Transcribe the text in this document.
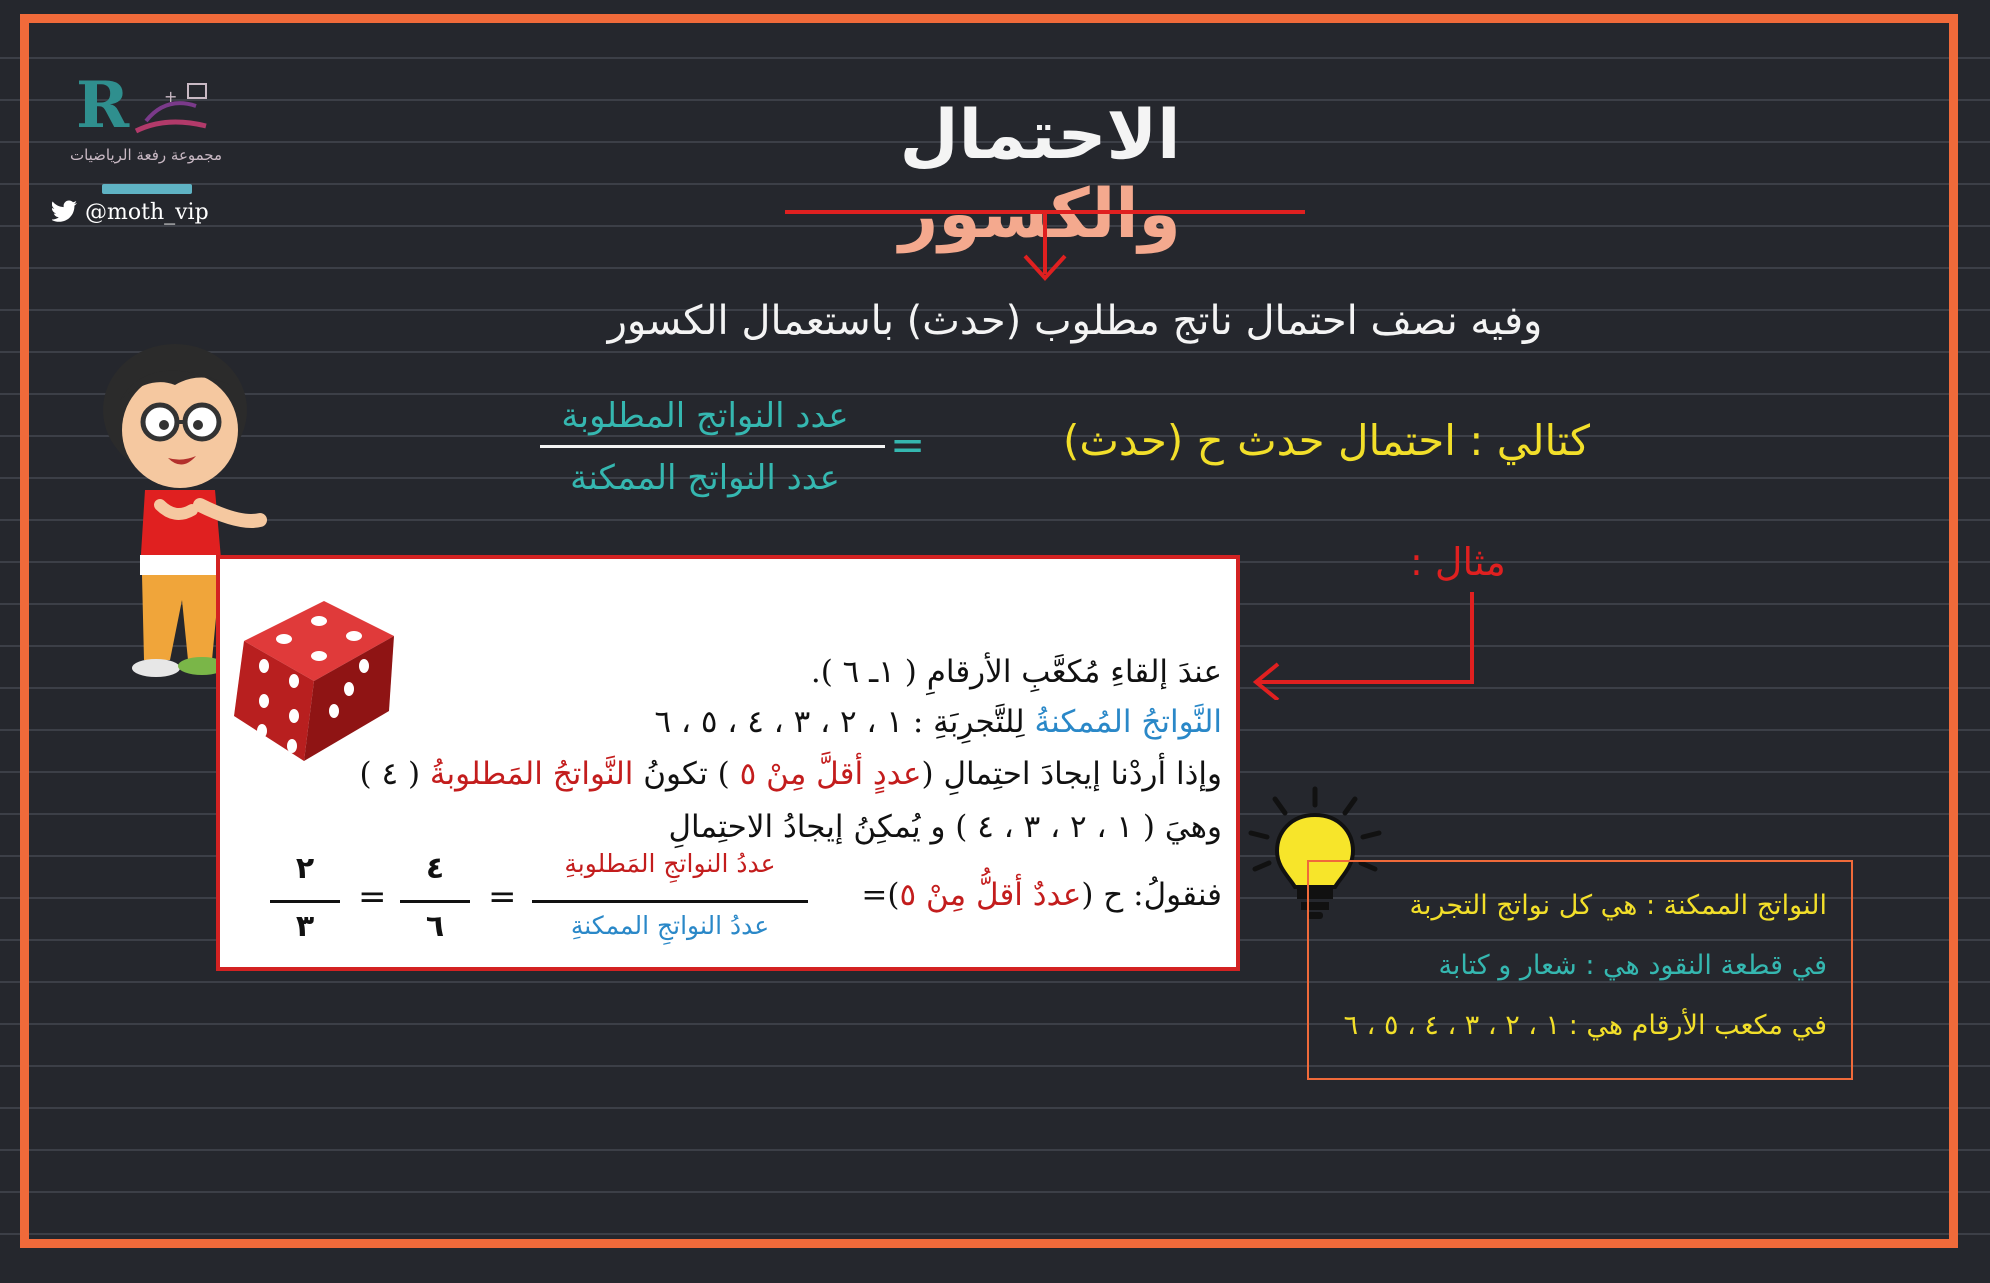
R +
مجموعة رفعة الرياضيات
@moth_vip
الاحتمال والكسور
وفيه نصف احتمال ناتج مطلوب (حدث) باستعمال الكسور
كتالي : احتمال حدث ح (حدث)
=
عدد النواتج المطلوبة
عدد النواتج الممكنة
مثال :
عندَ إلقاءِ مُكعَّبِ الأرقامِ ( ١ـ ٦ ).
النَّواتجُ المُمكنةُ لِلتَّجرِبَةِ : ١ ، ٢ ، ٣ ، ٤ ، ٥ ، ٦
وإذا أردْنا إيجادَ احتِمالِ (عددٍ أقلَّ مِنْ ٥ ) تكونُ النَّواتجُ المَطلوبةُ ( ٤ )
وهيَ ( ١ ، ٢ ، ٣ ، ٤ ) و يُمكِنُ إيجادُ الاحتِمالِ
فنقولُ: ح (عددٌ أقلُّ مِنْ ٥)=
عددُ النواتجِ المَطلوبةِ
عددُ النواتجِ الممكنةِ
=
٤
٦
=
٢
٣
النواتج الممكنة : هي كل نواتج التجربة
في قطعة النقود هي : شعار و كتابة
في مكعب الأرقام هي : ١ ، ٢ ، ٣ ، ٤ ، ٥ ، ٦
